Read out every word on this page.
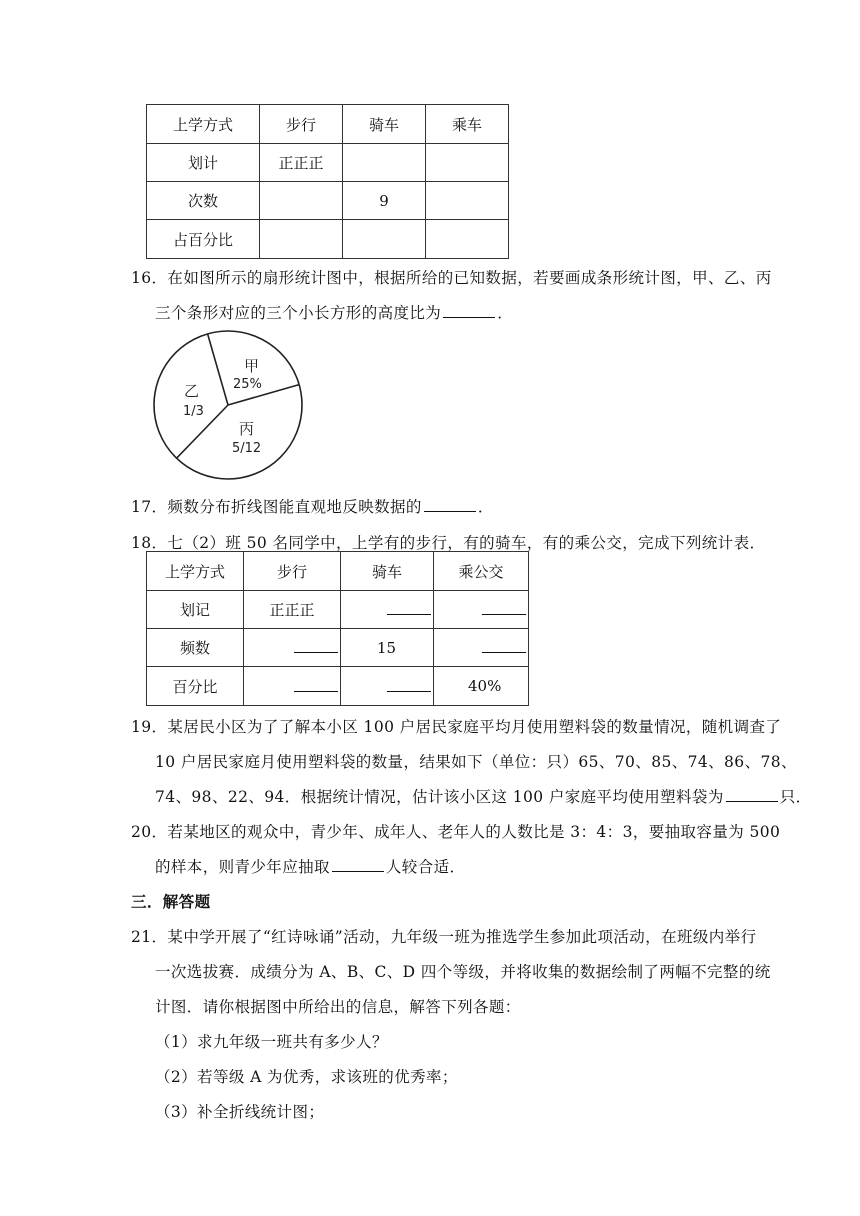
上学方式	步行	骑车	乘车
划计	正正正		
次数		9	
占百分比			
16．在如图所示的扇形统计图中，根据所给的已知数据，若要画成条形统计图，甲、乙、丙
三个条形对应的三个小长方形的高度比为	．
甲
25%
乙
1/3
丙
5/12
17．频数分布折线图能直观地反映数据的	．
18．七（2）班 50 名同学中，上学有的步行，有的骑车，有的乘公交，完成下列统计表．
上学方式	步行	骑车	乘公交
划记	正正正		
频数		15	
百分比			40%
19．某居民小区为了了解本小区 100 户居民家庭平均月使用塑料袋的数量情况，随机调查了
10 户居民家庭月使用塑料袋的数量，结果如下（单位：只）65、70、85、74、86、78、
74、98、22、94．根据统计情况，估计该小区这 100 户家庭平均使用塑料袋为	只．
20．若某地区的观众中，青少年、成年人、老年人的人数比是 3：4：3，要抽取容量为 500
的样本，则青少年应抽取	人较合适．
三．解答题
21．某中学开展了“红诗咏诵”活动，九年级一班为推选学生参加此项活动，在班级内举行
一次选拔赛．成绩分为 A、B、C、D 四个等级，并将收集的数据绘制了两幅不完整的统
计图．请你根据图中所给出的信息，解答下列各题：
（1）求九年级一班共有多少人？
（2）若等级 A 为优秀，求该班的优秀率；
（3）补全折线统计图；
